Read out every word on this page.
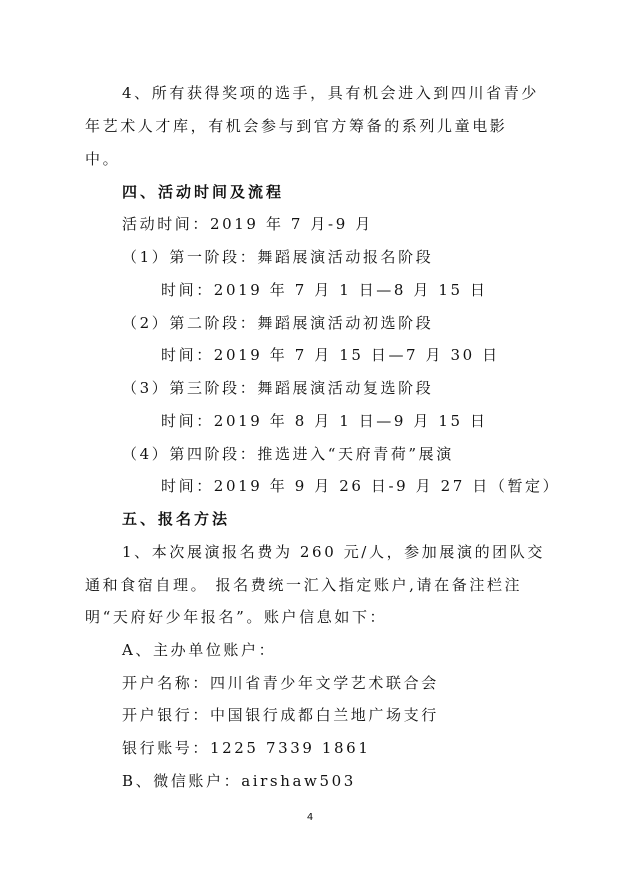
4、所有获得奖项的选手，具有机会进入到四川省青少
年艺术人才库，有机会参与到官方筹备的系列儿童电影
中。
四、活动时间及流程
活动时间：2019 年 7 月-9 月
（1）第一阶段：舞蹈展演活动报名阶段
时间：2019 年 7 月 1 日—8 月 15 日
（2）第二阶段：舞蹈展演活动初选阶段
时间：2019 年 7 月 15 日—7 月 30 日
（3）第三阶段：舞蹈展演活动复选阶段
时间：2019 年 8 月 1 日—9 月 15 日
（4）第四阶段：推选进入“天府青荷”展演
时间：2019 年 9 月 26 日-9 月 27 日（暂定）
五、报名方法
1、本次展演报名费为 260 元/人，参加展演的团队交
通和食宿自理。 报名费统一汇入指定账户,请在备注栏注
明“天府好少年报名”。账户信息如下：
A、主办单位账户：
开户名称：四川省青少年文学艺术联合会
开户银行：中国银行成都白兰地广场支行
银行账号：1225 7339 1861
B、微信账户：airshaw503
4
